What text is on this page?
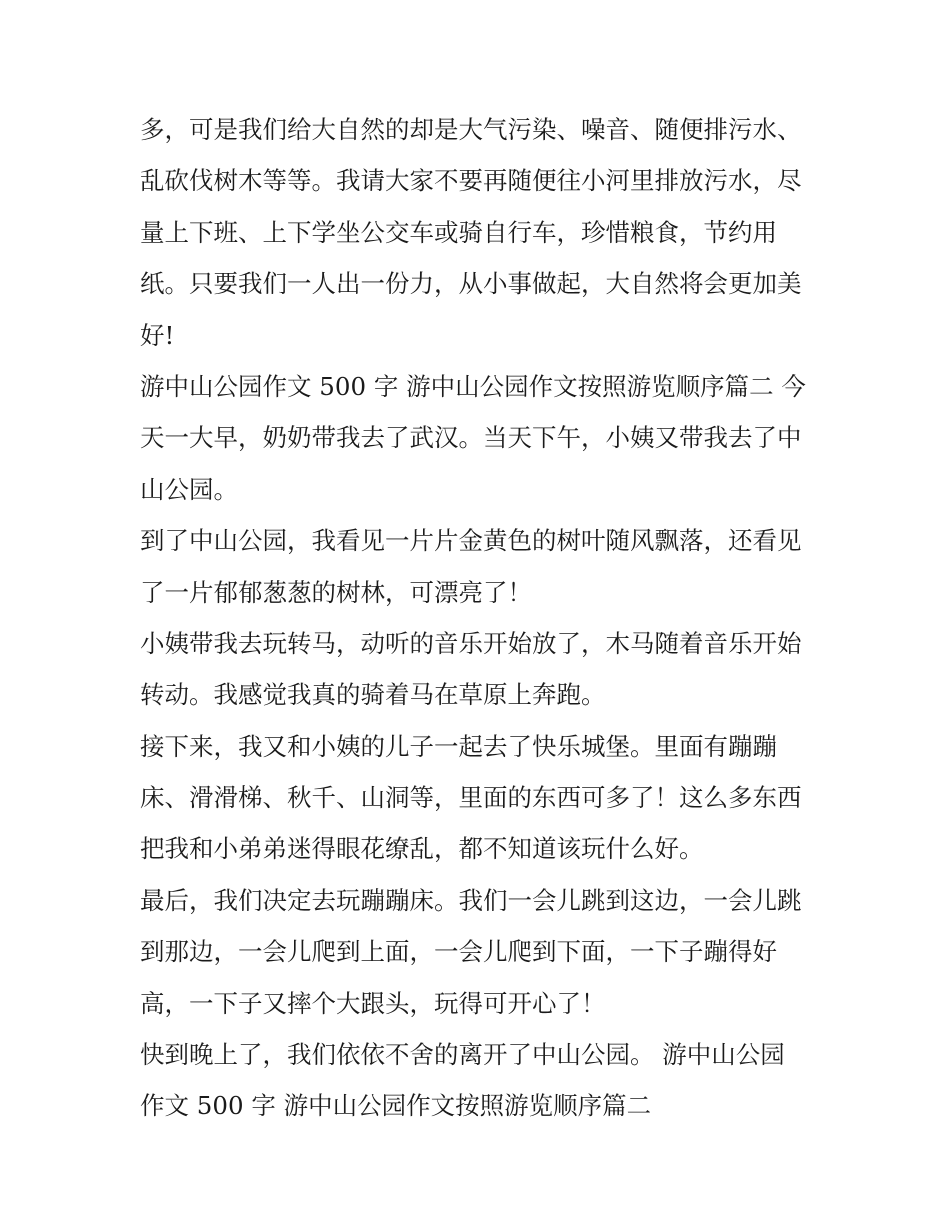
多，可是我们给大自然的却是大气污染、噪音、随便排污水、
乱砍伐树木等等。我请大家不要再随便往小河里排放污水，尽
量上下班、上下学坐公交车或骑自行车，珍惜粮食，节约用
纸。只要我们一人出一份力，从小事做起，大自然将会更加美
好!
游中山公园作文 500 字 游中山公园作文按照游览顺序篇二 今
天一大早，奶奶带我去了武汉。当天下午，小姨又带我去了中
山公园。
到了中山公园，我看见一片片金黄色的树叶随风飘落，还看见
了一片郁郁葱葱的树林，可漂亮了！
小姨带我去玩转马，动听的音乐开始放了，木马随着音乐开始
转动。我感觉我真的骑着马在草原上奔跑。
接下来，我又和小姨的儿子一起去了快乐城堡。里面有蹦蹦
床、滑滑梯、秋千、山洞等，里面的东西可多了！这么多东西
把我和小弟弟迷得眼花缭乱，都不知道该玩什么好。
最后，我们决定去玩蹦蹦床。我们一会儿跳到这边，一会儿跳
到那边，一会儿爬到上面，一会儿爬到下面，一下子蹦得好
高，一下子又摔个大跟头，玩得可开心了！
快到晚上了，我们依依不舍的离开了中山公园。 游中山公园
作文 500 字 游中山公园作文按照游览顺序篇二
